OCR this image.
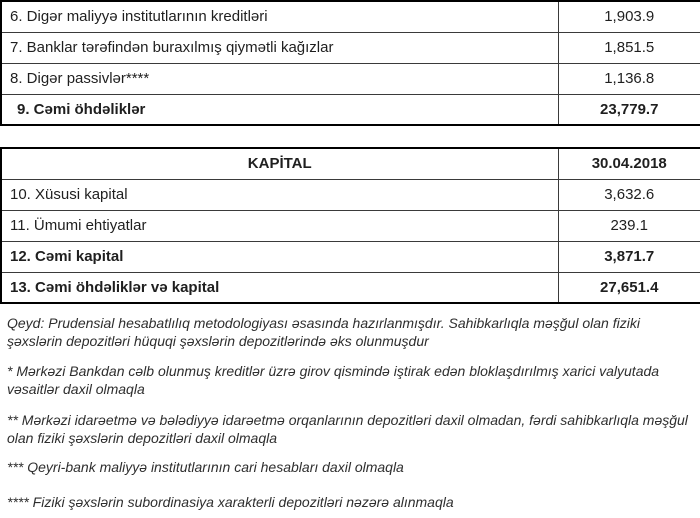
6. Digər maliyyə institutlarının kreditləri	1,903.9
7. Banklar tərəfindən buraxılmış qiymətli kağızlar	1,851.5
8. Digər passivlər****	1,136.8
9. Cəmi öhdəliklər	23,779.7
KAPİTAL	30.04.2018
10. Xüsusi kapital	3,632.6
11. Ümumi ehtiyatlar	239.1
12. Cəmi kapital	3,871.7
13. Cəmi öhdəliklər və kapital	27,651.4

Qeyd: Prudensial hesabatlılıq metodologiyası əsasında hazırlanmışdır. Sahibkarlıqla məşğul olan fiziki şəxslərin depozitləri hüquqi şəxslərin depozitlərində əks olunmuşdur

* Mərkəzi Bankdan cəlb olunmuş kreditlər üzrə girov qismində iştirak edən bloklaşdırılmış xarici valyutada vəsaitlər daxil olmaqla

** Mərkəzi idarəetmə və bələdiyyə idarəetmə orqanlarının depozitləri daxil olmadan, fərdi sahibkarlıqla məşğul olan fiziki şəxslərin depozitləri daxil olmaqla

*** Qeyri-bank maliyyə institutlarının cari hesabları daxil olmaqla

**** Fiziki şəxslərin subordinasiya xarakterli depozitləri nəzərə alınmaqla
